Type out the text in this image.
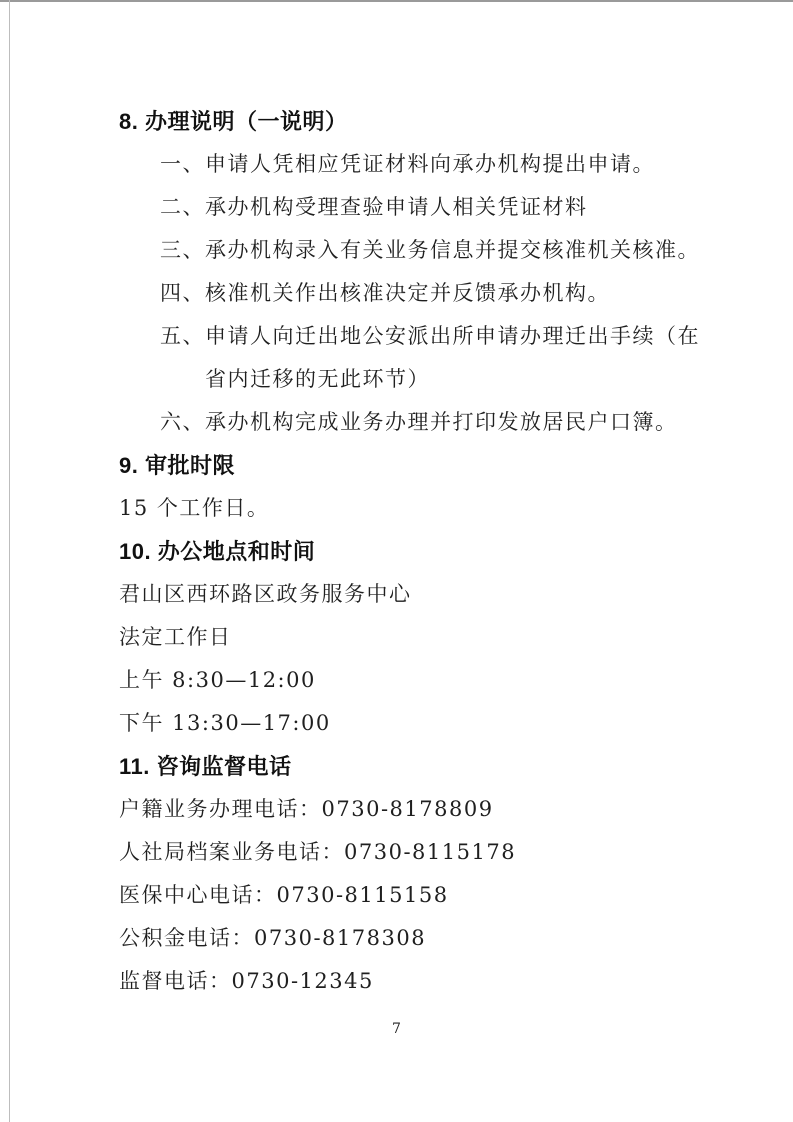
8. 办理说明（一说明）
一、 申请人凭相应凭证材料向承办机构提出申请。
二、 承办机构受理查验申请人相关凭证材料
三、 承办机构录入有关业务信息并提交核准机关核准。
四、 核准机关作出核准决定并反馈承办机构。
五、 申请人向迁出地公安派出所申请办理迁出手续（在
省内迁移的无此环节）
六、 承办机构完成业务办理并打印发放居民户口簿。
9. 审批时限
15 个工作日。
10. 办公地点和时间
君山区西环路区政务服务中心
法定工作日
上午 8:30—12:00
下午 13:30—17:00
11. 咨询监督电话
户籍业务办理电话：0730-8178809
人社局档案业务电话：0730-8115178
医保中心电话：0730-8115158
公积金电话：0730-8178308
监督电话：0730-12345
7
